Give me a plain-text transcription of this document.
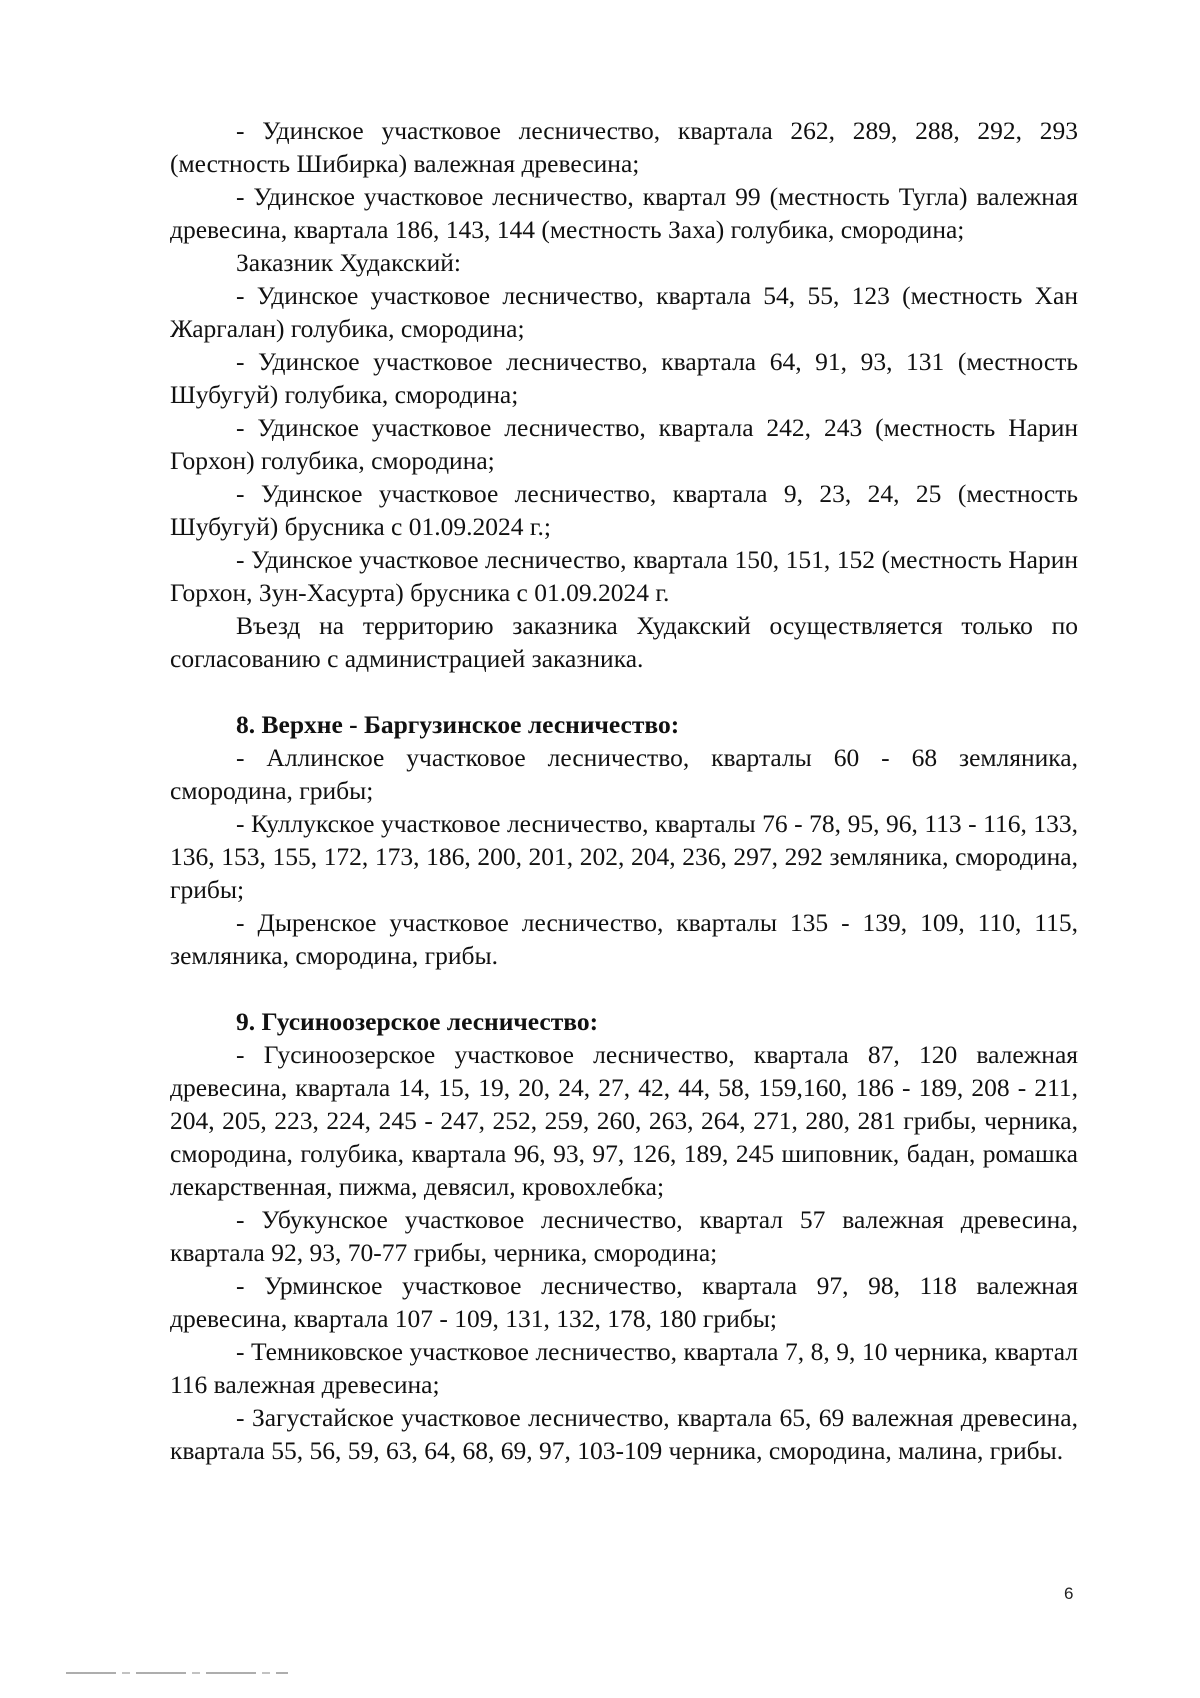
- Удинское участковое лесничество, квартала 262, 289, 288, 292, 293 (местность Шибирка) валежная древесина;

- Удинское участковое лесничество, квартал 99 (местность Тугла) валежная древесина, квартала 186, 143, 144 (местность Заха) голубика, смородина;

Заказник Худакский:

- Удинское участковое лесничество, квартала 54, 55, 123 (местность Хан Жаргалан) голубика, смородина;

- Удинское участковое лесничество, квартала 64, 91, 93, 131 (местность Шубугуй) голубика, смородина;

- Удинское участковое лесничество, квартала 242, 243 (местность Нарин Горхон) голубика, смородина;

- Удинское участковое лесничество, квартала 9, 23, 24, 25 (местность Шубугуй) брусника с 01.09.2024 г.;

- Удинское участковое лесничество, квартала 150, 151, 152 (местность Нарин Горхон, Зун-Хасурта) брусника с 01.09.2024 г.

Въезд на территорию заказника Худакский осуществляется только по согласованию с администрацией заказника.

8. Верхне - Баргузинское лесничество:

- Аллинское участковое лесничество, кварталы 60 - 68 земляника, смородина, грибы;

- Куллукское участковое лесничество, кварталы 76 - 78, 95, 96, 113 - 116, 133, 136, 153, 155, 172, 173, 186, 200, 201, 202, 204, 236, 297, 292 земляника, смородина, грибы;

- Дыренское участковое лесничество, кварталы 135 - 139, 109, 110, 115, земляника, смородина, грибы.

9. Гусиноозерское лесничество:

- Гусиноозерское участковое лесничество, квартала 87, 120 валежная древесина, квартала 14, 15, 19, 20, 24, 27, 42, 44, 58, 159,160, 186 - 189, 208 - 211, 204, 205, 223, 224, 245 - 247, 252, 259, 260, 263, 264, 271, 280, 281 грибы, черника, смородина, голубика, квартала 96, 93, 97, 126, 189, 245 шиповник, бадан, ромашка лекарственная, пижма, девясил, кровохлебка;

- Убукунское участковое лесничество, квартал 57 валежная древесина, квартала 92, 93, 70-77 грибы, черника, смородина;

- Урминское участковое лесничество, квартала 97, 98, 118 валежная древесина, квартала 107 - 109, 131, 132, 178, 180 грибы;

- Темниковское участковое лесничество, квартала 7, 8, 9, 10 черника, квартал 116 валежная древесина;

- Загустайское участковое лесничество, квартала 65, 69 валежная древесина, квартала 55, 56, 59, 63, 64, 68, 69, 97, 103-109 черника, смородина, малина, грибы.

6
